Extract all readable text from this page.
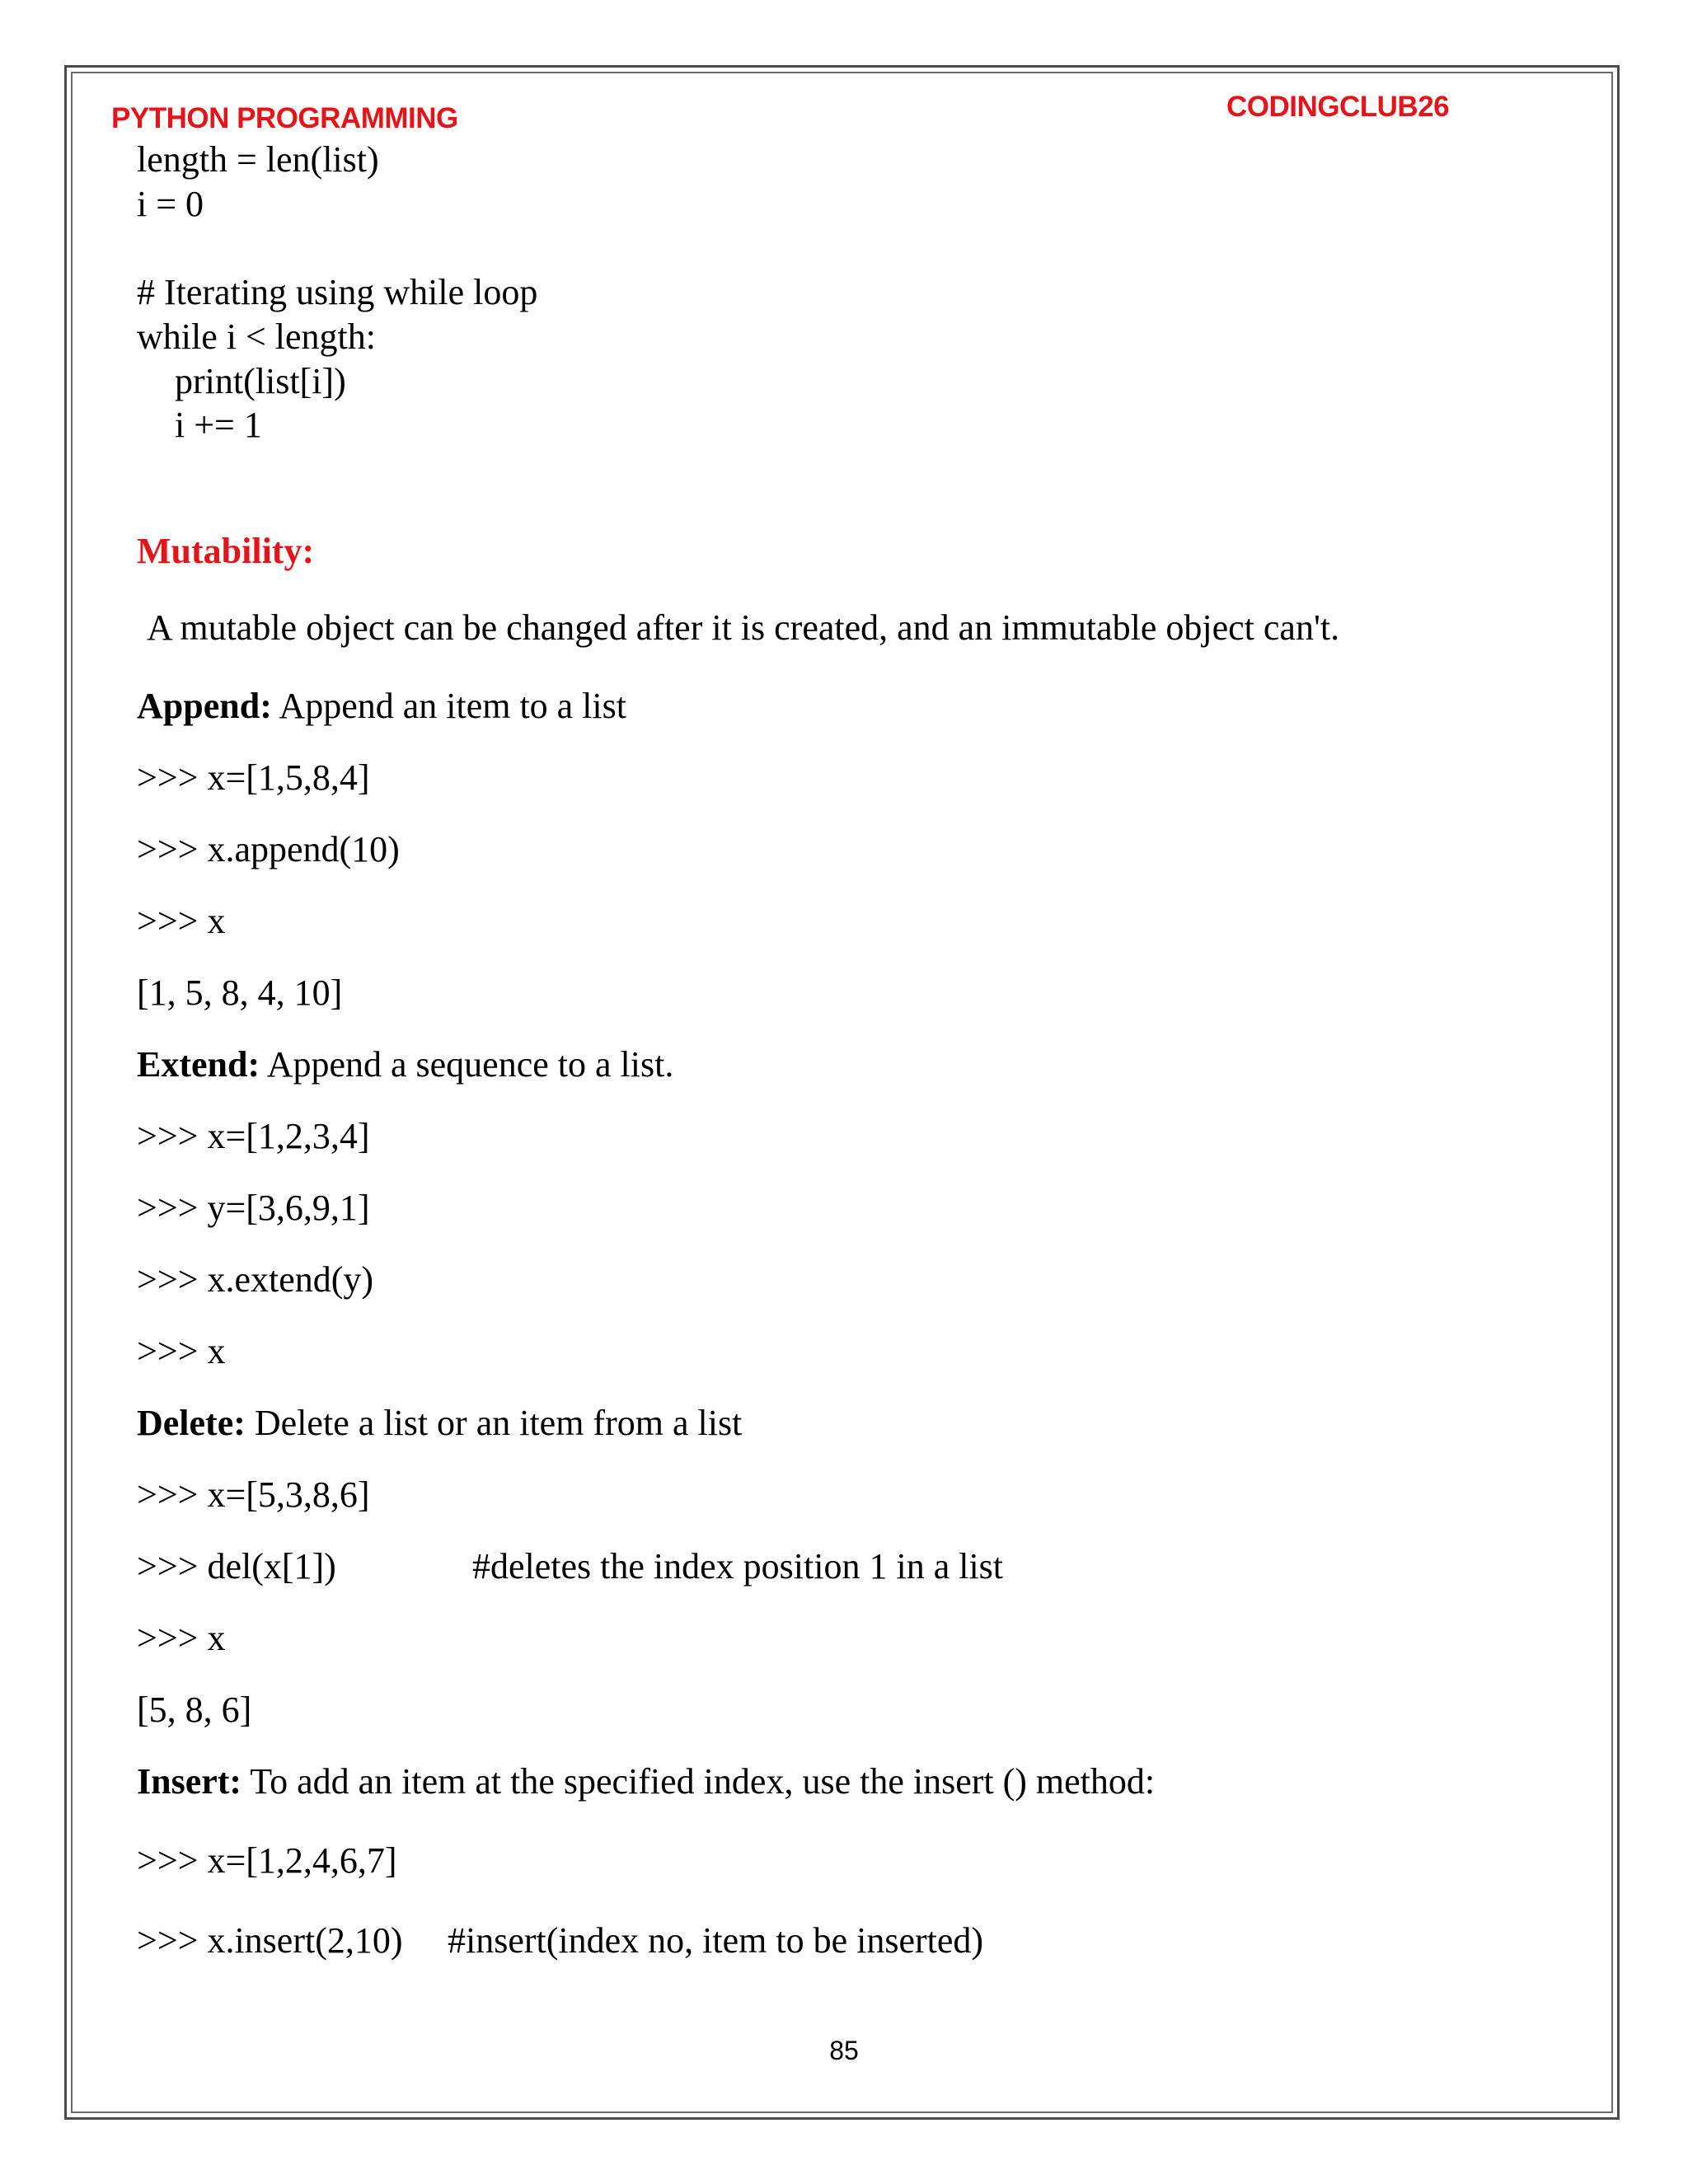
PYTHON PROGRAMMING	CODINGCLUB26
length = len(list)
i = 0
# Iterating using while loop
while i < length:
print(list[i])
i += 1
Mutability:
A mutable object can be changed after it is created, and an immutable object can't.
Append: Append an item to a list
>>> x=[1,5,8,4]
>>> x.append(10)
>>> x
[1, 5, 8, 4, 10]
Extend: Append a sequence to a list.
>>> x=[1,2,3,4]
>>> y=[3,6,9,1]
>>> x.extend(y)
>>> x
Delete: Delete a list or an item from a list
>>> x=[5,3,8,6]
>>> del(x[1])	#deletes the index position 1 in a list
>>> x
[5, 8, 6]
Insert: To add an item at the specified index, use the insert () method:
>>> x=[1,2,4,6,7]
>>> x.insert(2,10) #insert(index no, item to be inserted)
85
